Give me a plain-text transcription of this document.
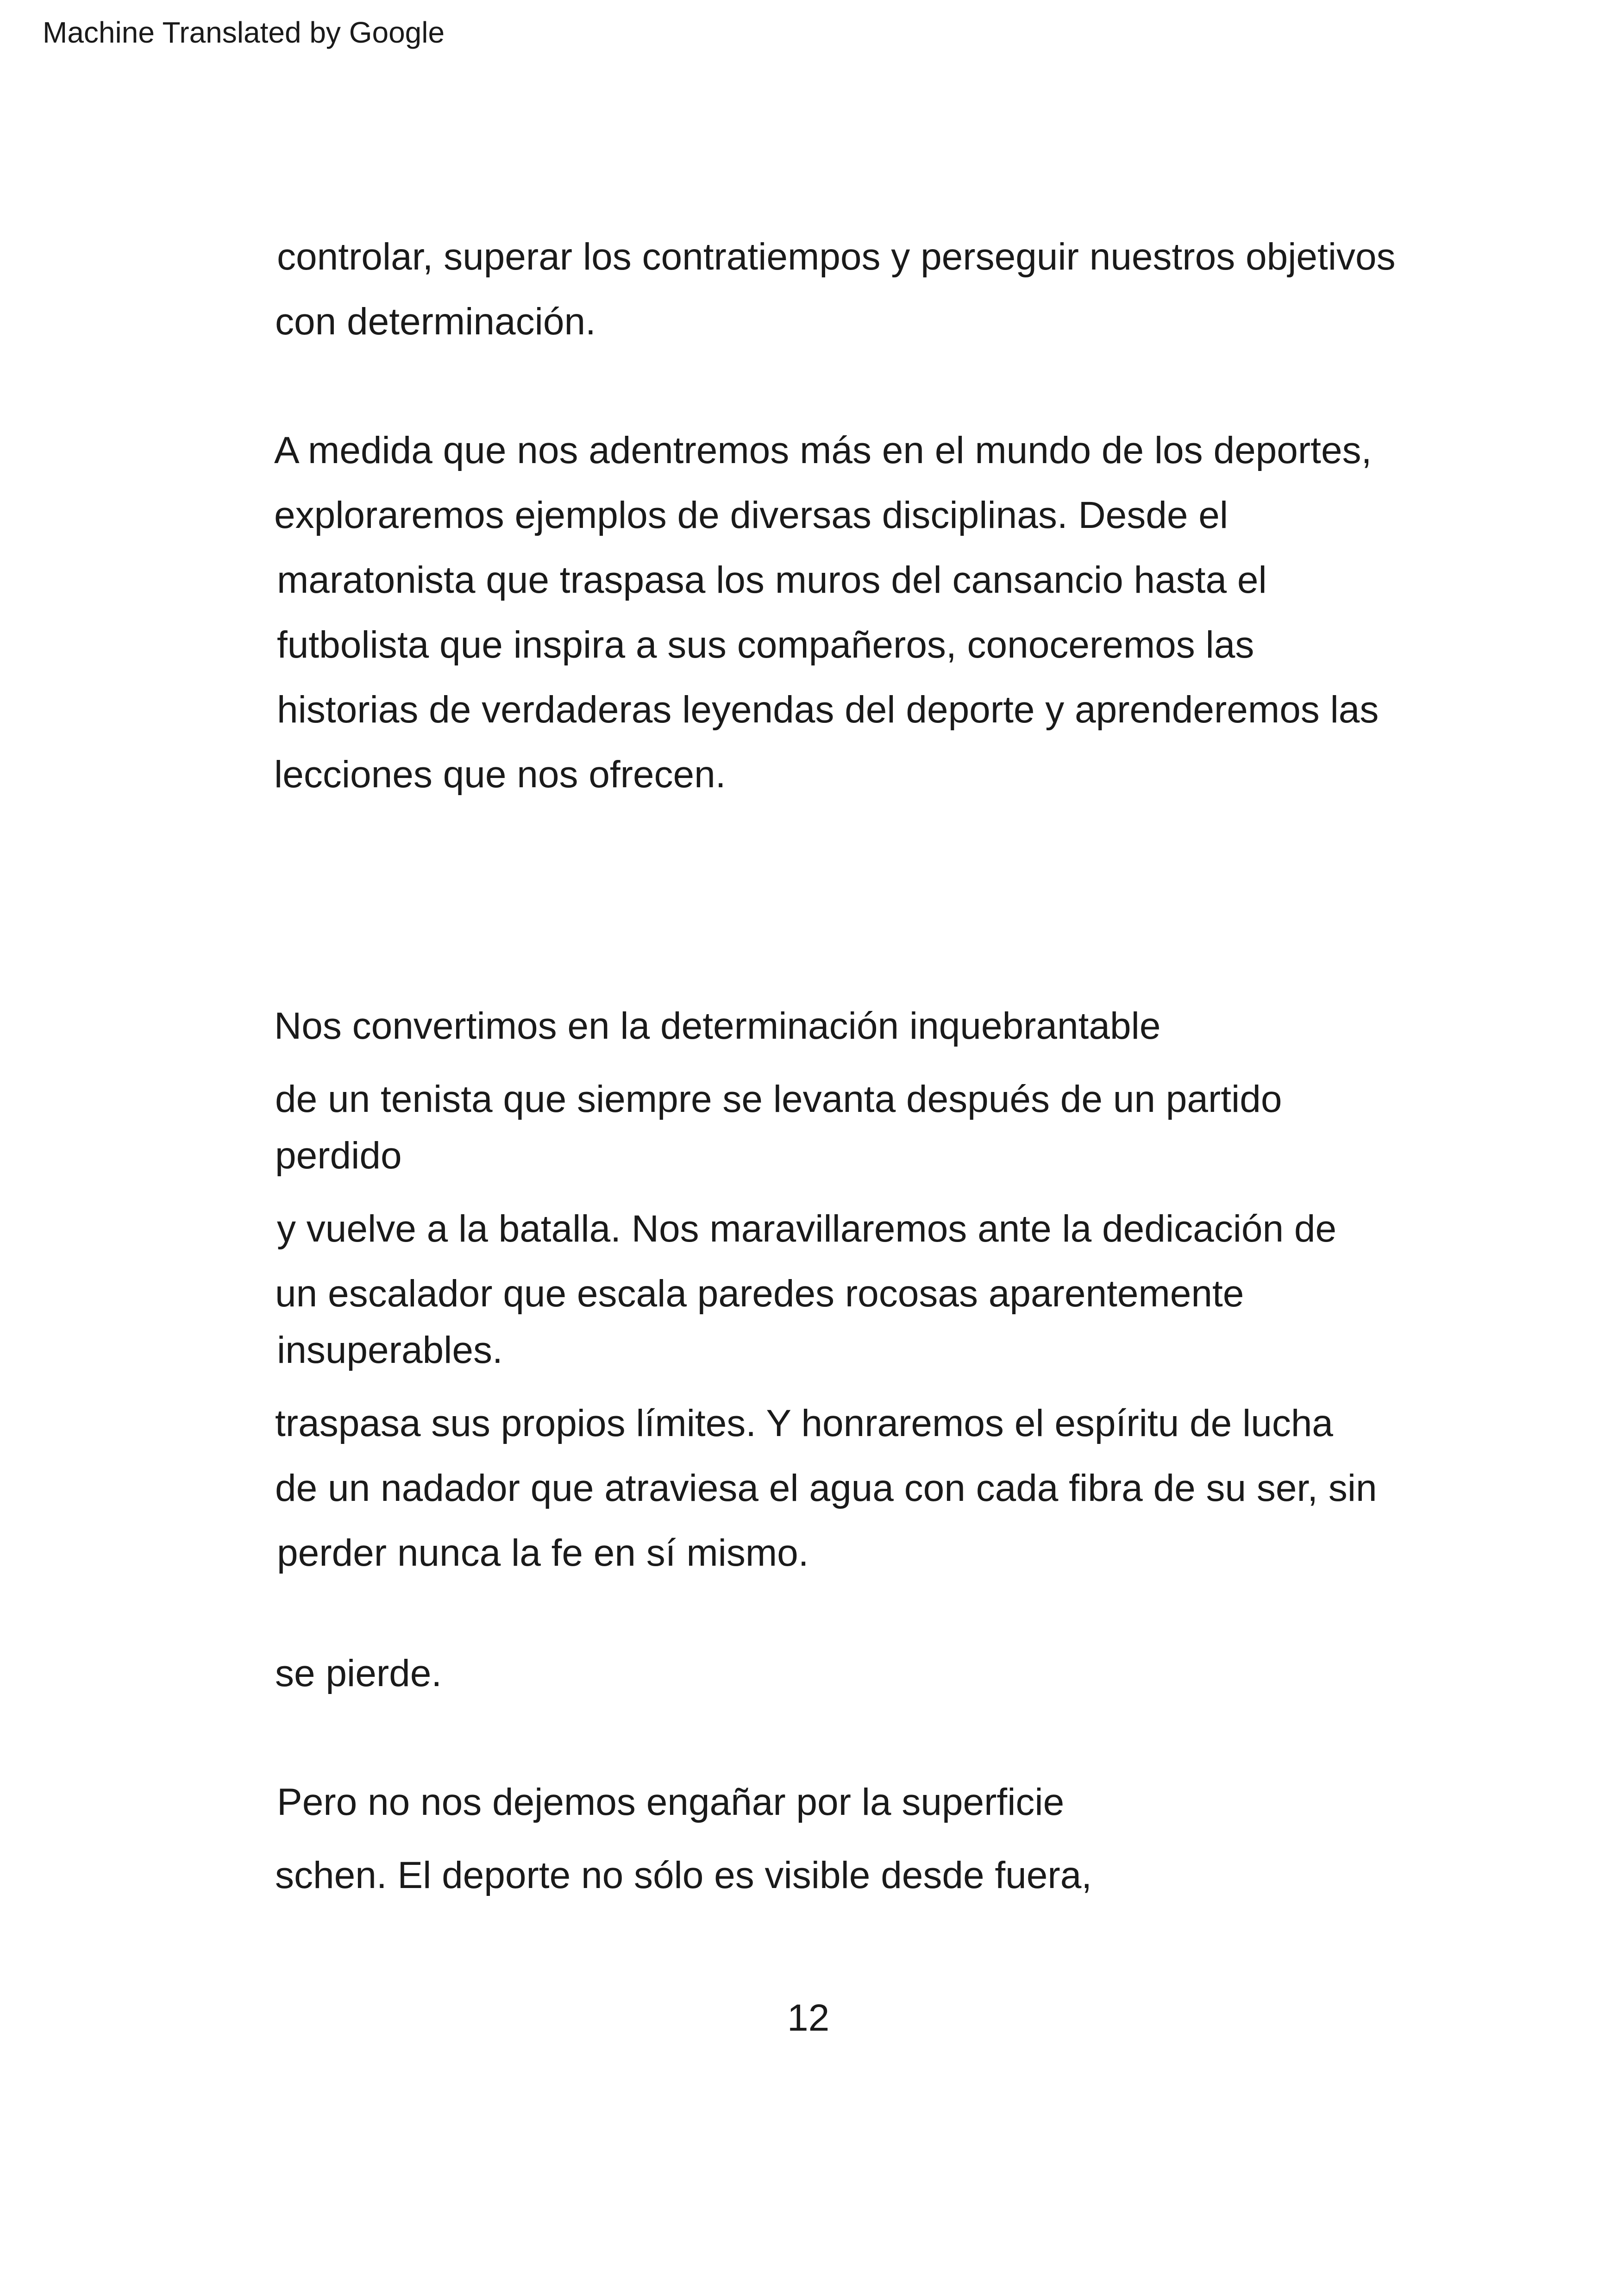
Machine Translated by Google
controlar, superar los contratiempos y perseguir nuestros objetivos
con determinación.
A medida que nos adentremos más en el mundo de los deportes,
exploraremos ejemplos de diversas disciplinas. Desde el
maratonista que traspasa los muros del cansancio hasta el
futbolista que inspira a sus compañeros, conoceremos las
historias de verdaderas leyendas del deporte y aprenderemos las
lecciones que nos ofrecen.
Nos convertimos en la determinación inquebrantable
de un tenista que siempre se levanta después de un partido
perdido
y vuelve a la batalla. Nos maravillaremos ante la dedicación de
un escalador que escala paredes rocosas aparentemente
insuperables.
traspasa sus propios límites. Y honraremos el espíritu de lucha
de un nadador que atraviesa el agua con cada fibra de su ser, sin
perder nunca la fe en sí mismo.
se pierde.
Pero no nos dejemos engañar por la superficie
schen. El deporte no sólo es visible desde fuera,
12
